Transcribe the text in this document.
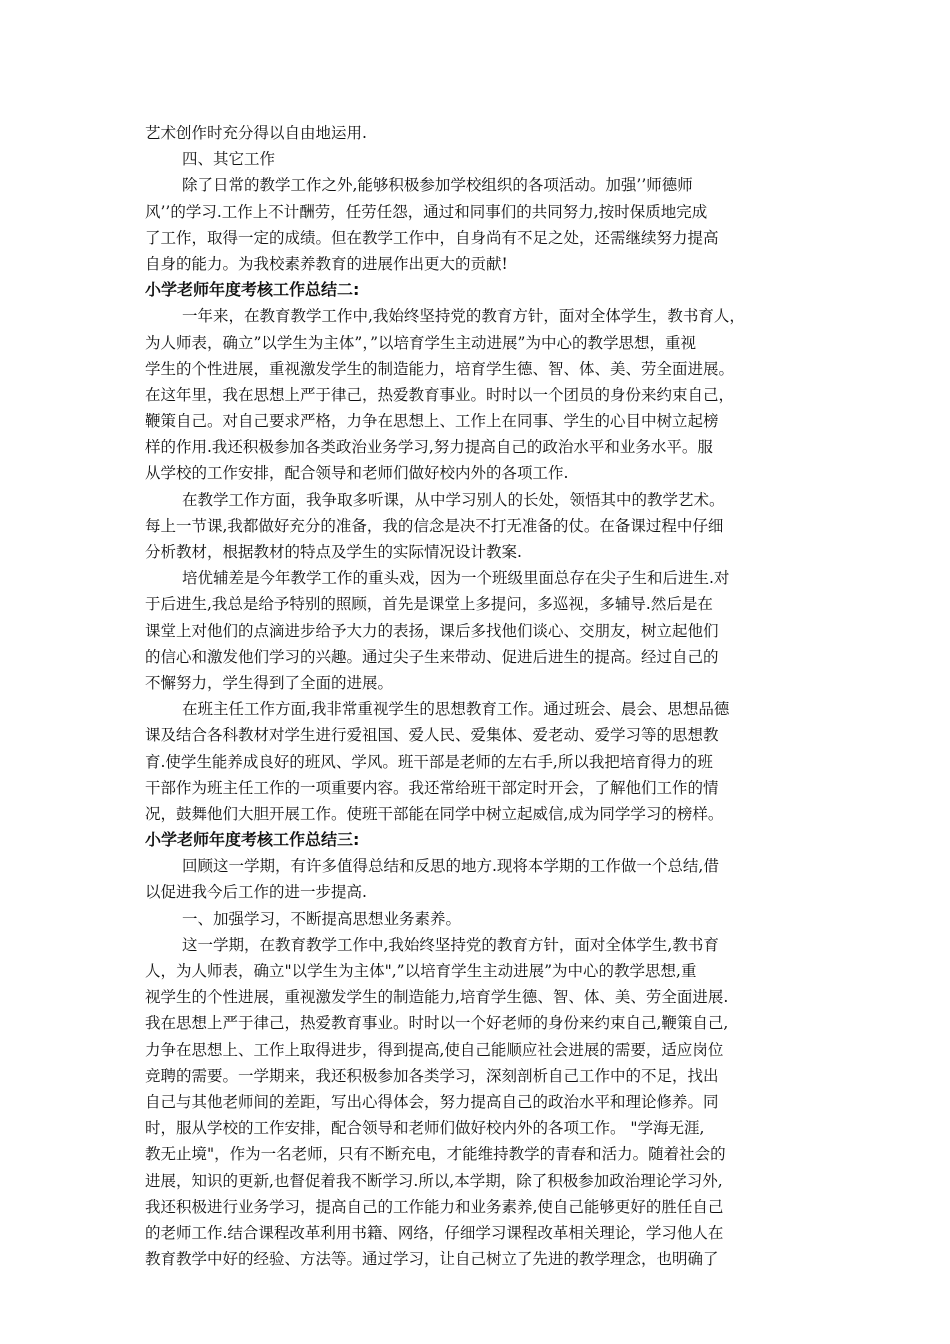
艺术创作时充分得以自由地运用.
四、其它工作
除了日常的教学工作之外,能够积极参加学校组织的各项活动。加强’’师德师
风’’的学习.工作上不计酬劳，任劳任怨，通过和同事们的共同努力,按时保质地完成
了工作，取得一定的成绩。但在教学工作中，自身尚有不足之处，还需继续努力提高
自身的能力。为我校素养教育的进展作出更大的贡献!
小学老师年度考核工作总结二:
一年来，在教育教学工作中,我始终坚持党的教育方针，面对全体学生，教书育人，
为人师表，确立”以学生为主体”，”以培育学生主动进展”为中心的教学思想，重视
学生的个性进展，重视激发学生的制造能力，培育学生德、智、体、美、劳全面进展。
在这年里，我在思想上严于律己，热爱教育事业。时时以一个团员的身份来约束自己，
鞭策自己。对自己要求严格，力争在思想上、工作上在同事、学生的心目中树立起榜
样的作用.我还积极参加各类政治业务学习,努力提高自己的政治水平和业务水平。服
从学校的工作安排，配合领导和老师们做好校内外的各项工作.
在教学工作方面，我争取多听课，从中学习别人的长处，领悟其中的教学艺术。
每上一节课,我都做好充分的准备，我的信念是决不打无准备的仗。在备课过程中仔细
分析教材，根据教材的特点及学生的实际情况设计教案.
培优辅差是今年教学工作的重头戏，因为一个班级里面总存在尖子生和后进生.对
于后进生,我总是给予特别的照顾，首先是课堂上多提问，多巡视，多辅导.然后是在
课堂上对他们的点滴进步给予大力的表扬，课后多找他们谈心、交朋友，树立起他们
的信心和激发他们学习的兴趣。通过尖子生来带动、促进后进生的提高。经过自己的
不懈努力，学生得到了全面的进展。
在班主任工作方面,我非常重视学生的思想教育工作。通过班会、晨会、思想品德
课及结合各科教材对学生进行爱祖国、爱人民、爱集体、爱老动、爱学习等的思想教
育.使学生能养成良好的班风、学风。班干部是老师的左右手,所以我把培育得力的班
干部作为班主任工作的一项重要内容。我还常给班干部定时开会，了解他们工作的情
况，鼓舞他们大胆开展工作。使班干部能在同学中树立起威信,成为同学学习的榜样。
小学老师年度考核工作总结三:
回顾这一学期，有许多值得总结和反思的地方.现将本学期的工作做一个总结,借
以促进我今后工作的进一步提高.
一、加强学习，不断提高思想业务素养。
这一学期，在教育教学工作中,我始终坚持党的教育方针，面对全体学生,教书育
人，为人师表，确立"以学生为主体",”以培育学生主动进展”为中心的教学思想,重
视学生的个性进展，重视激发学生的制造能力,培育学生德、智、体、美、劳全面进展.
我在思想上严于律己，热爱教育事业。时时以一个好老师的身份来约束自己,鞭策自己,
力争在思想上、工作上取得进步，得到提高,使自己能顺应社会进展的需要，适应岗位
竞聘的需要。一学期来，我还积极参加各类学习，深刻剖析自己工作中的不足，找出
自己与其他老师间的差距，写出心得体会，努力提高自己的政治水平和理论修养。同
时，服从学校的工作安排，配合领导和老师们做好校内外的各项工作。 "学海无涯,
教无止境"，作为一名老师，只有不断充电，才能维持教学的青春和活力。随着社会的
进展，知识的更新,也督促着我不断学习.所以,本学期，除了积极参加政治理论学习外,
我还积极进行业务学习，提高自己的工作能力和业务素养,使自己能够更好的胜任自己
的老师工作.结合课程改革利用书籍、网络，仔细学习课程改革相关理论，学习他人在
教育教学中好的经验、方法等。通过学习，让自己树立了先进的教学理念，也明确了
